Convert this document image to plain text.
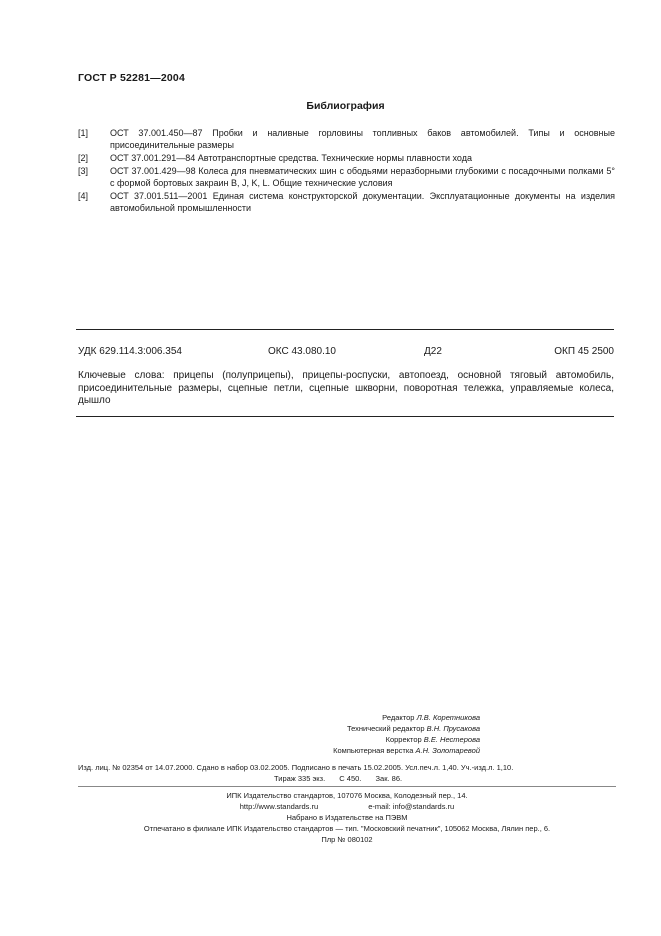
ГОСТ Р 52281—2004
Библиография
[1]	ОСТ 37.001.450—87 Пробки и наливные горловины топливных баков автомобилей. Типы и основные присоединительные размеры
[2]	ОСТ 37.001.291—84 Автотранспортные средства. Технические нормы плавности хода
[3]	ОСТ 37.001.429—98 Колеса для пневматических шин с ободьями неразборными глубокими с посадочными полками 5° с формой бортовых закраин B, J, K, L. Общие технические условия
[4]	ОСТ 37.001.511—2001 Единая система конструкторской документации. Эксплуатационные документы на изделия автомобильной промышленности
УДК 629.114.3:006.354	ОКС 43.080.10	Д22	ОКП 45 2500
Ключевые слова: прицепы (полуприцепы), прицепы-роспуски, автопоезд, основной тяговый автомобиль, присоединительные размеры, сцепные петли, сцепные шкворни, поворотная тележка, управляемые колеса, дышло
Редактор Л.В. Коретникова
Технический редактор В.Н. Прусакова
Корректор В.Е. Нестерова
Компьютерная верстка А.Н. Золотаревой
Изд. лиц. № 02354 от 14.07.2000. Сдано в набор 03.02.2005. Подписано в печать 15.02.2005. Усл.печ.л. 1,40. Уч.-изд.л. 1,10.
Тираж 335 экз. С 450. Зак. 86.
ИПК Издательство стандартов, 107076 Москва, Колодезный пер., 14.
http://www.standards.ru	e-mail: info@standards.ru
Набрано в Издательстве на ПЭВМ
Отпечатано в филиале ИПК Издательство стандартов — тип. "Московский печатник", 105062 Москва, Лялин пер., 6.
Плр № 080102
